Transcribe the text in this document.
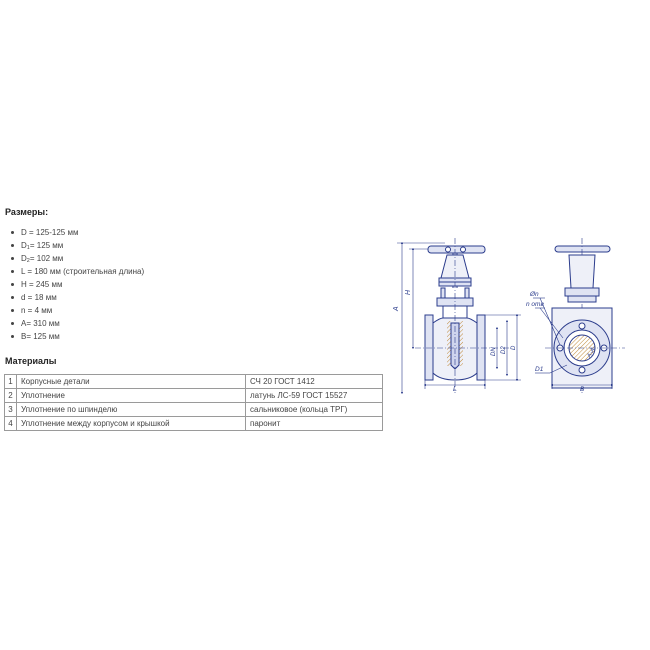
Размеры:
D = 125-125 мм
$D_1= 125$ мм
$D_2= 102$ мм
L = 180 мм (строительная длина)
H = 245 мм
d = 18 мм
n = 4 мм
A= 310 мм
B= 125 мм
Материалы
1	Корпусные детали	СЧ 20 ГОСТ 1412
2	Уплотнение	латунь ЛС-59 ГОСТ 15527
3	Уплотнение по шпинделю	сальниковое (кольца ТРГ)
4	Уплотнение между корпусом и крышкой	паронит
A
H
L
DN D2 D
Øn
n отв
D1
B
A-A
